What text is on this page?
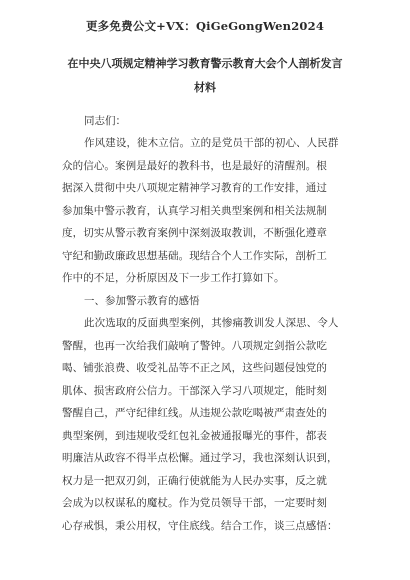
更多免费公文+VX：QiGeGongWen2024
在中央八项规定精神学习教育警示教育大会个人剖析发言
材料

同志们：

作风建设，徙木立信。立的是党员干部的初心、人民群
众的信心。案例是最好的教科书，也是最好的清醒剂。根
据深入贯彻中央八项规定精神学习教育的工作安排，通过
参加集中警示教育，认真学习相关典型案例和相关法规制
度，切实从警示教育案例中深刻汲取教训，不断强化遵章
守纪和勤政廉政思想基础。现结合个人工作实际，剖析工
作中的不足，分析原因及下一步工作打算如下。

一、参加警示教育的感悟

此次选取的反面典型案例，其惨痛教训发人深思、令人
警醒，也再一次给我们敲响了警钟。八项规定剑指公款吃
喝、铺张浪费、收受礼品等不正之风，这些问题侵蚀党的
肌体、损害政府公信力。干部深入学习八项规定，能时刻
警醒自己，严守纪律红线。从违规公款吃喝被严肃查处的
典型案例，到违规收受红包礼金被通报曝光的事件，都表
明廉洁从政容不得半点松懈。通过学习，我也深刻认识到，
权力是一把双刃剑，正确行使就能为人民办实事，反之就
会成为以权谋私的魔杖。作为党员领导干部，一定要时刻
心存戒惧，秉公用权，守住底线。结合工作，谈三点感悟：
